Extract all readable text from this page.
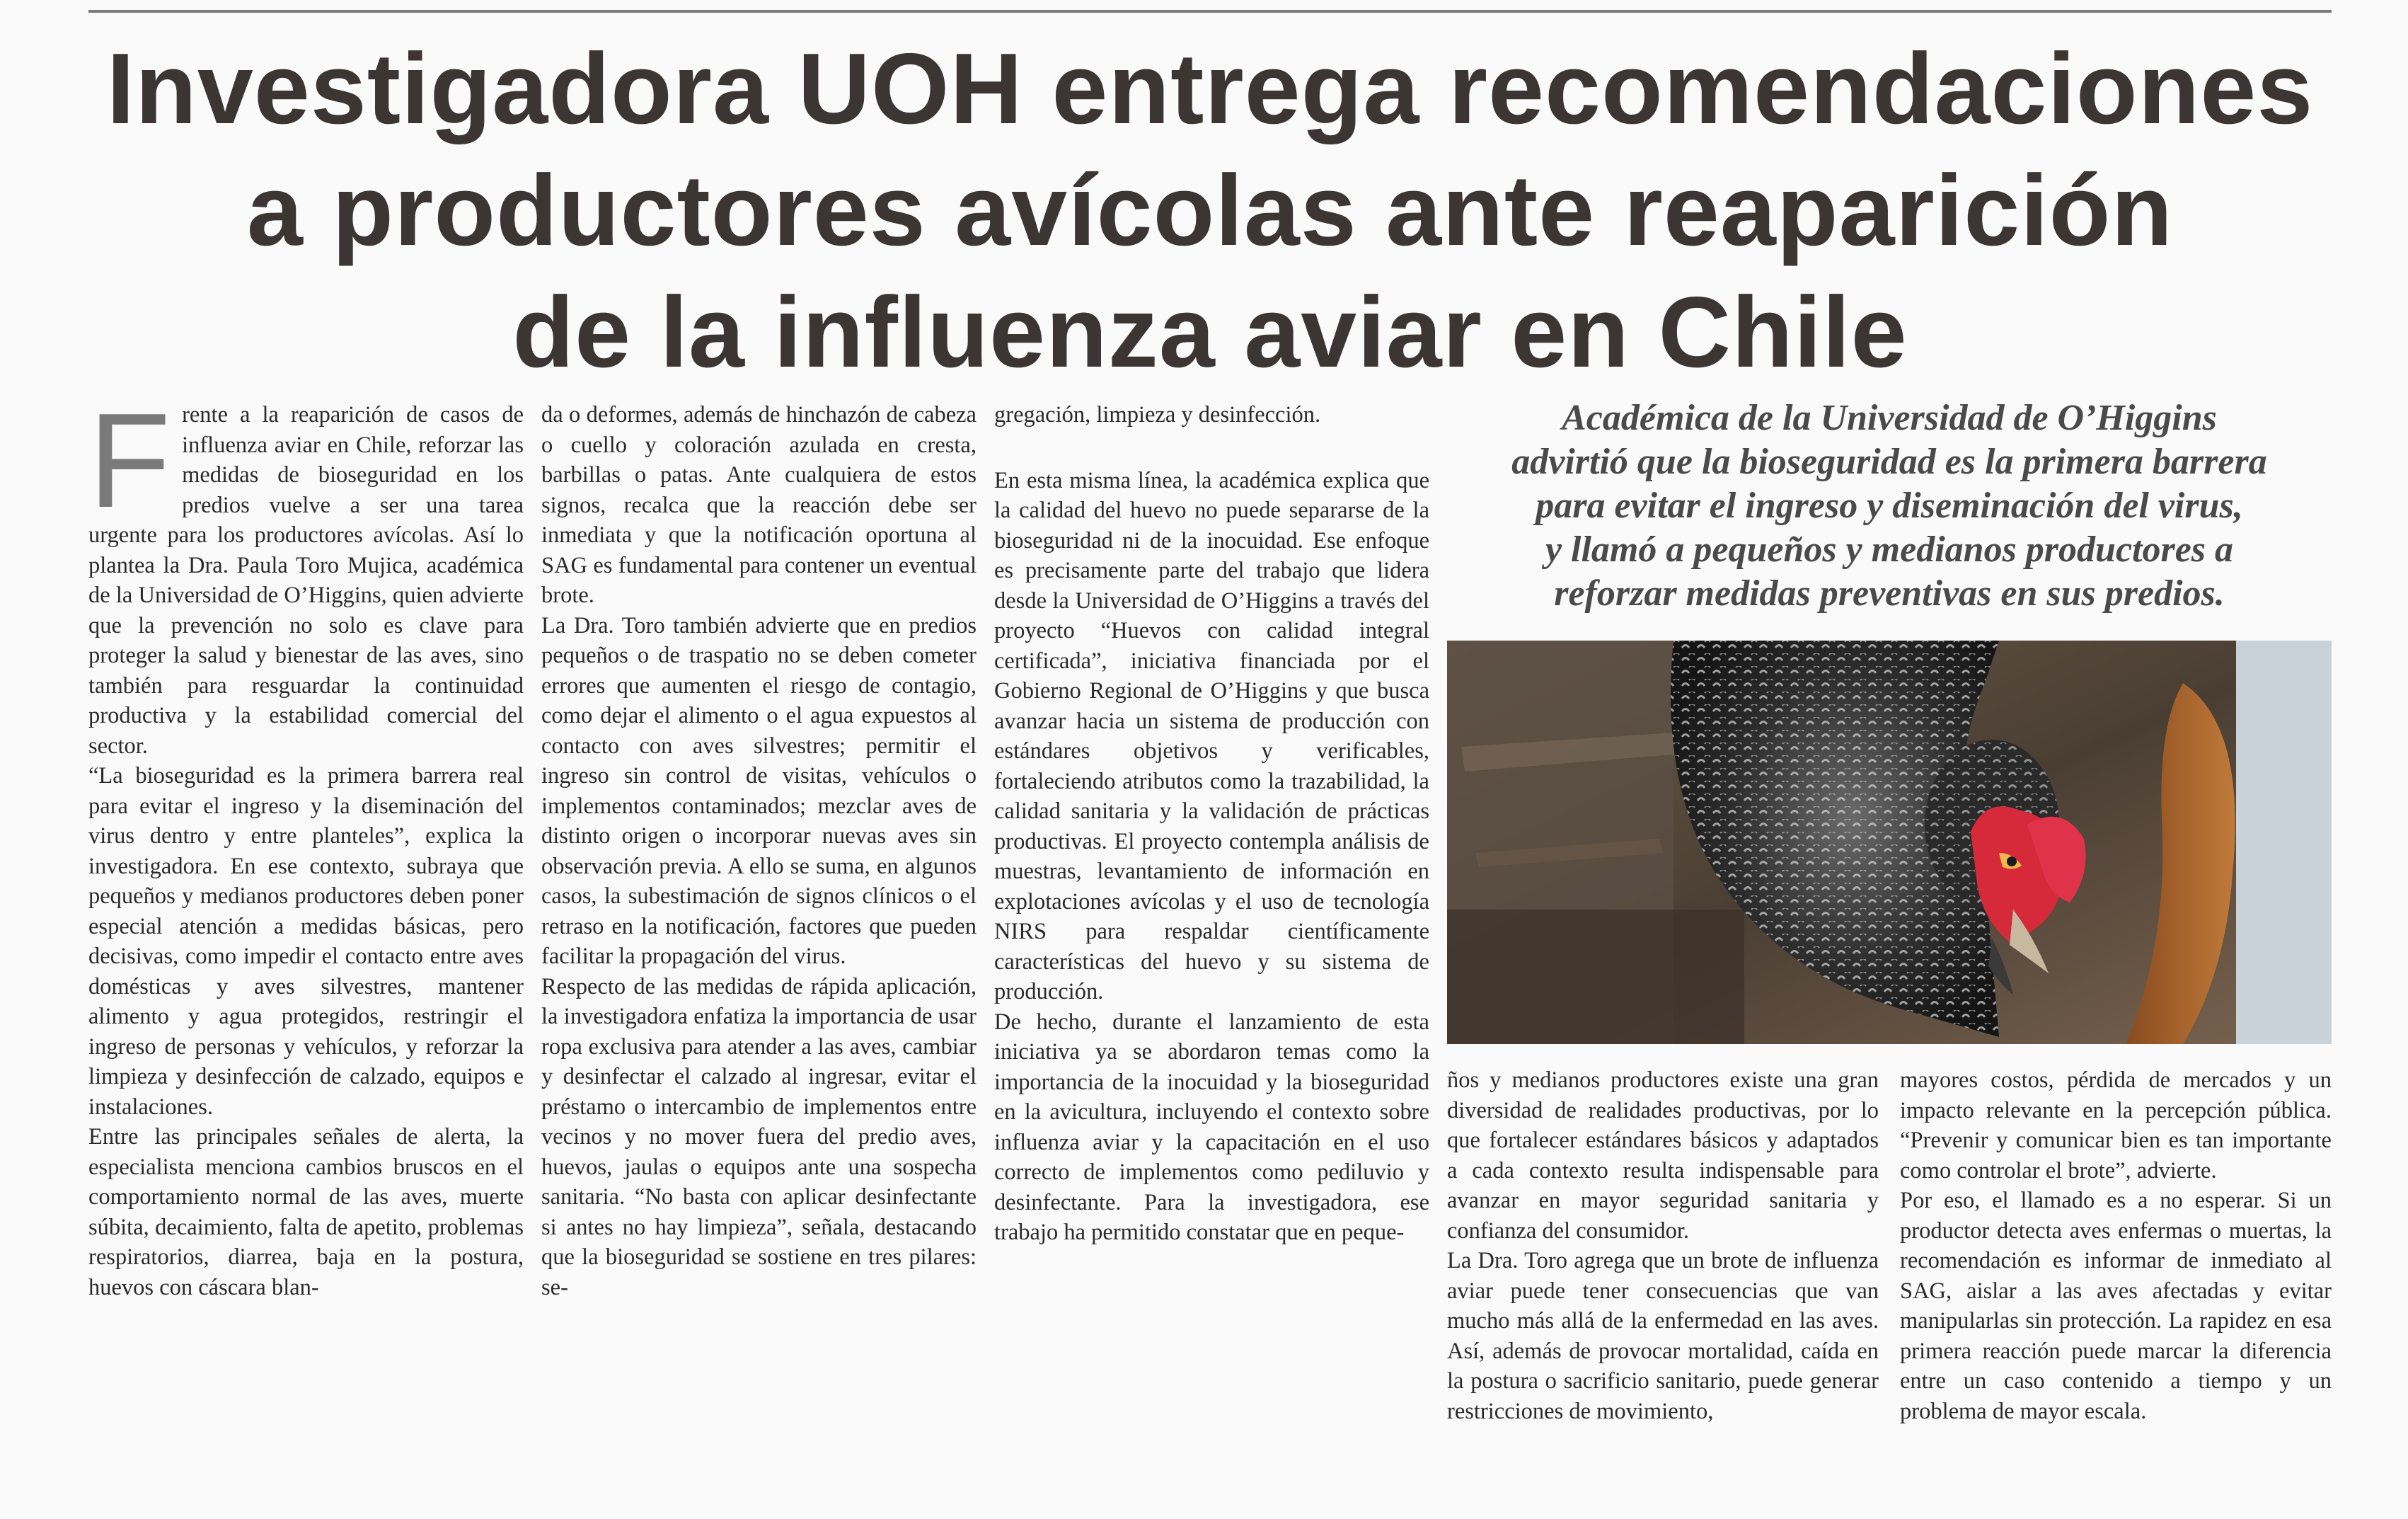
Investigadora UOH entrega recomendaciones
a productores avícolas ante reaparición
de la influenza aviar en Chile

Frente a la reaparición de casos de influenza aviar en Chile, reforzar las medidas de bioseguridad en los predios vuelve a ser una tarea urgente para los productores avícolas. Así lo plantea la Dra. Paula Toro Mujica, académica de la Universidad de O’Higgins, quien advierte que la prevención no solo es clave para proteger la salud y bienestar de las aves, sino también para resguardar la continuidad productiva y la estabilidad comercial del sector.

“La bioseguridad es la primera barrera real para evitar el ingreso y la diseminación del virus dentro y entre planteles”, explica la investigadora. En ese contexto, subraya que pequeños y medianos productores deben poner especial atención a medidas básicas, pero decisivas, como impedir el contacto entre aves domésticas y aves silvestres, mantener alimento y agua protegidos, restringir el ingreso de personas y vehículos, y reforzar la limpieza y desinfección de calzado, equipos e instalaciones.

Entre las principales señales de alerta, la especialista menciona cambios bruscos en el comportamiento normal de las aves, muerte súbita, decaimiento, falta de apetito, problemas respiratorios, diarrea, baja en la postura, huevos con cáscara blan-

da o deformes, además de hinchazón de cabeza o cuello y coloración azulada en cresta, barbillas o patas. Ante cualquiera de estos signos, recalca que la reacción debe ser inmediata y que la notificación oportuna al SAG es fundamental para contener un eventual brote.

La Dra. Toro también advierte que en predios pequeños o de traspatio no se deben cometer errores que aumenten el riesgo de contagio, como dejar el alimento o el agua expuestos al contacto con aves silvestres; permitir el ingreso sin control de visitas, vehículos o implementos contaminados; mezclar aves de distinto origen o incorporar nuevas aves sin observación previa. A ello se suma, en algunos casos, la subestimación de signos clínicos o el retraso en la notificación, factores que pueden facilitar la propagación del virus.

Respecto de las medidas de rápida aplicación, la investigadora enfatiza la importancia de usar ropa exclusiva para atender a las aves, cambiar y desinfectar el calzado al ingresar, evitar el préstamo o intercambio de implementos entre vecinos y no mover fuera del predio aves, huevos, jaulas o equipos ante una sospecha sanitaria. “No basta con aplicar desinfectante si antes no hay limpieza”, señala, destacando que la bioseguridad se sostiene en tres pilares: se-

gregación, limpieza y desinfección.

En esta misma línea, la académica explica que la calidad del huevo no puede separarse de la bioseguridad ni de la inocuidad. Ese enfoque es precisamente parte del trabajo que lidera desde la Universidad de O’Higgins a través del proyecto “Huevos con calidad integral certificada”, iniciativa financiada por el Gobierno Regional de O’Higgins y que busca avanzar hacia un sistema de producción con estándares objetivos y verificables, fortaleciendo atributos como la trazabilidad, la calidad sanitaria y la validación de prácticas productivas. El proyecto contempla análisis de muestras, levantamiento de información en explotaciones avícolas y el uso de tecnología NIRS para respaldar científicamente características del huevo y su sistema de producción.

De hecho, durante el lanzamiento de esta iniciativa ya se abordaron temas como la importancia de la inocuidad y la bioseguridad en la avicultura, incluyendo el contexto sobre influenza aviar y la capacitación en el uso correcto de implementos como pediluvio y desinfectante. Para la investigadora, ese trabajo ha permitido constatar que en peque-

Académica de la Universidad de O’Higgins
advirtió que la bioseguridad es la primera barrera
para evitar el ingreso y diseminación del virus,
y llamó a pequeños y medianos productores a
reforzar medidas preventivas en sus predios.

ños y medianos productores existe una gran diversidad de realidades productivas, por lo que fortalecer estándares básicos y adaptados a cada contexto resulta indispensable para avanzar en mayor seguridad sanitaria y confianza del consumidor.

La Dra. Toro agrega que un brote de influenza aviar puede tener consecuencias que van mucho más allá de la enfermedad en las aves. Así, además de provocar mortalidad, caída en la postura o sacrificio sanitario, puede generar restricciones de movimiento,

mayores costos, pérdida de mercados y un impacto relevante en la percepción pública. “Prevenir y comunicar bien es tan importante como controlar el brote”, advierte.

Por eso, el llamado es a no esperar. Si un productor detecta aves enfermas o muertas, la recomendación es informar de inmediato al SAG, aislar a las aves afectadas y evitar manipularlas sin protección. La rapidez en esa primera reacción puede marcar la diferencia entre un caso contenido a tiempo y un problema de mayor escala.
